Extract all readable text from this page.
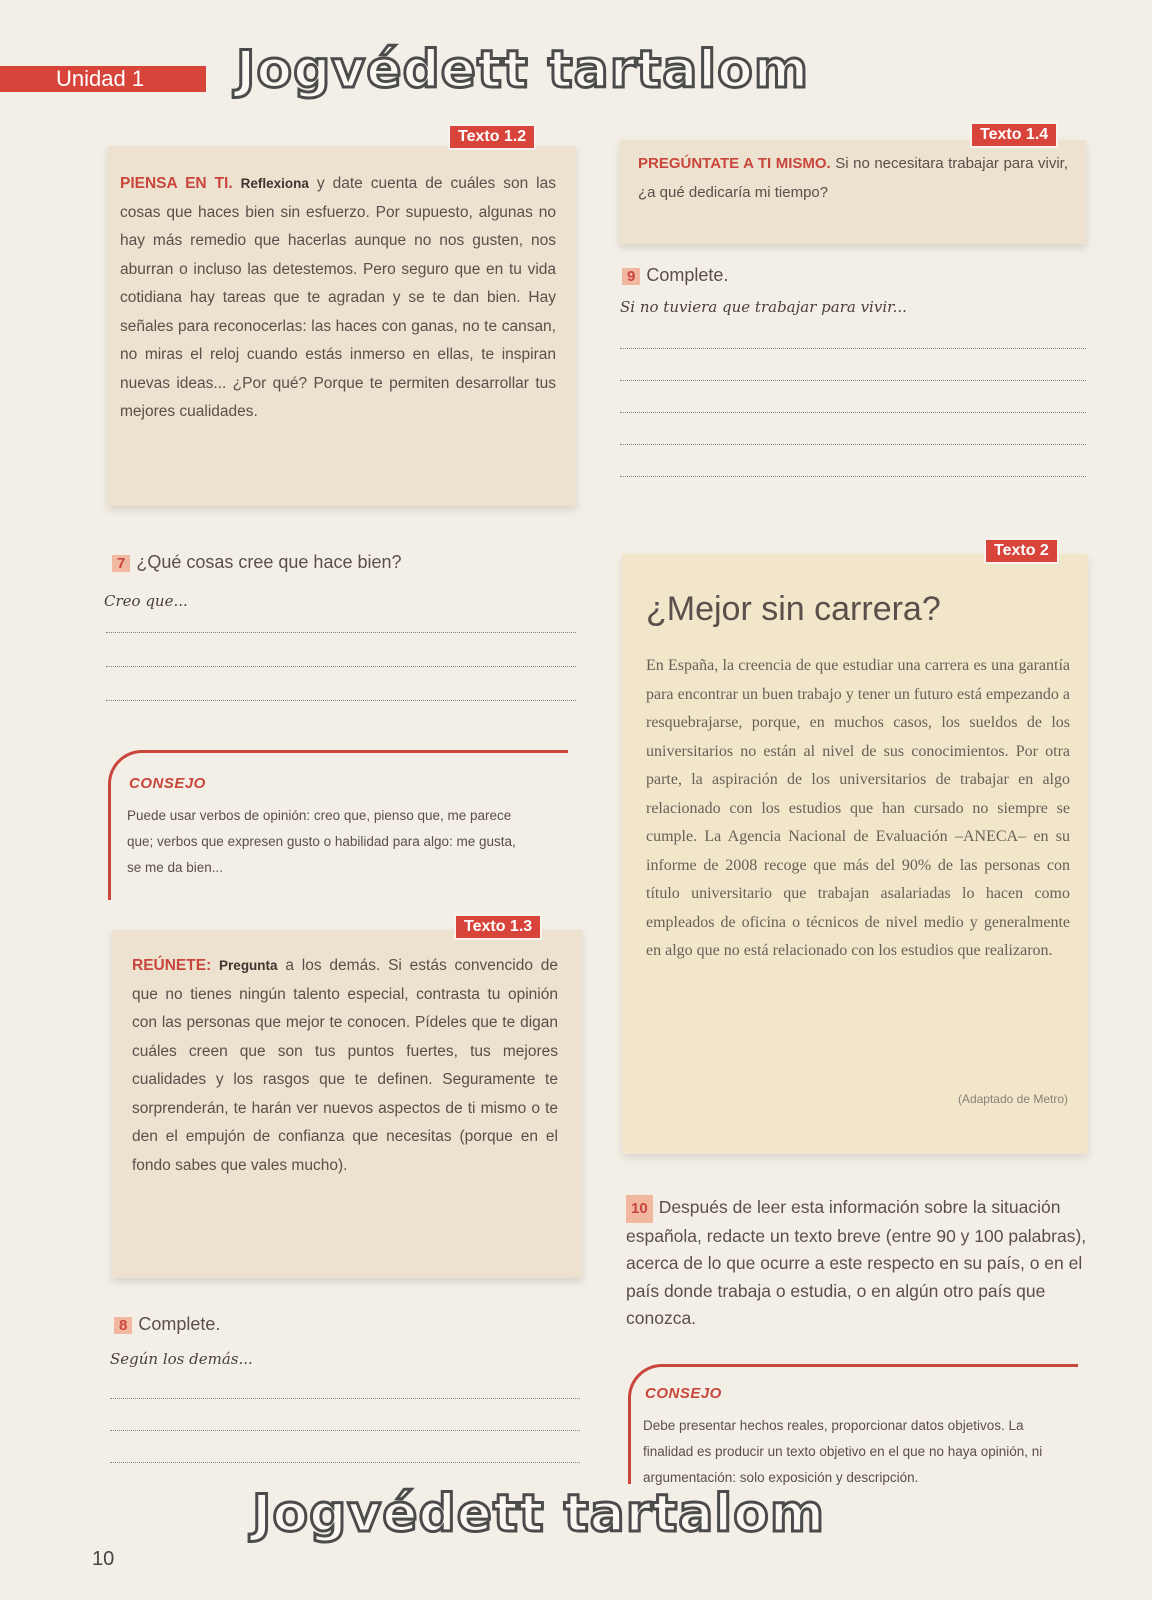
Unidad 1	Jogvédett tartalom

PIENSA EN TI. Reflexiona y date cuenta de cuáles son las cosas que haces bien sin esfuerzo. Por supuesto, algunas no hay más remedio que hacerlas aunque no nos gusten, nos aburran o incluso las detestemos. Pero seguro que en tu vida cotidiana hay tareas que te agradan y se te dan bien. Hay señales para reconocerlas: las haces con ganas, no te cansan, no miras el reloj cuando estás inmerso en ellas, te inspiran nuevas ideas... ¿Por qué? Porque te permiten desarrollar tus mejores cualidades.

Texto 1.2
7 ¿Qué cosas cree que hace bien?
Creo que...
CONSEJO
Puede usar verbos de opinión: creo que, pienso que, me parece que; verbos que expresen gusto o habilidad para algo: me gusta, se me da bien...

REÚNETE: Pregunta a los demás. Si estás convencido de que no tienes ningún talento especial, contrasta tu opinión con las personas que mejor te conocen. Pídeles que te digan cuáles creen que son tus puntos fuertes, tus mejores cualidades y los rasgos que te definen. Seguramente te sorprenderán, te harán ver nuevos aspectos de ti mismo o te den el empujón de confianza que necesitas (porque en el fondo sabes que vales mucho).

Texto 1.3
8 Complete.
Según los demás...

PREGÚNTATE A TI MISMO. Si no necesitara trabajar para vivir, ¿a qué dedicaría mi tiempo?

Texto 1.4
9 Complete.
Si no tuviera que trabajar para vivir...
¿Mejor sin carrera?
En España, la creencia de que estudiar una carrera es una garantía para encontrar un buen trabajo y tener un futuro está empezando a resquebrajarse, porque, en muchos casos, los sueldos de los universitarios no están al nivel de sus conocimientos. Por otra parte, la aspiración de los universitarios de trabajar en algo relacionado con los estudios que han cursado no siempre se cumple. La Agencia Nacional de Evaluación –ANECA– en su informe de 2008 recoge que más del 90% de las personas con título universitario que trabajan asalariadas lo hacen como empleados de oficina o técnicos de nivel medio y generalmente en algo que no está relacionado con los estudios que realizaron.
(Adaptado de Metro)
Texto 2
10 Después de leer esta información sobre la situación española, redacte un texto breve (entre 90 y 100 palabras), acerca de lo que ocurre a este respecto en su país, o en el país donde trabaja o estudia, o en algún otro país que conozca.
CONSEJO
Debe presentar hechos reales, proporcionar datos objetivos. La finalidad es producir un texto objetivo en el que no haya opinión, ni argumentación: solo exposición y descripción.
Jogvédett tartalom
10
